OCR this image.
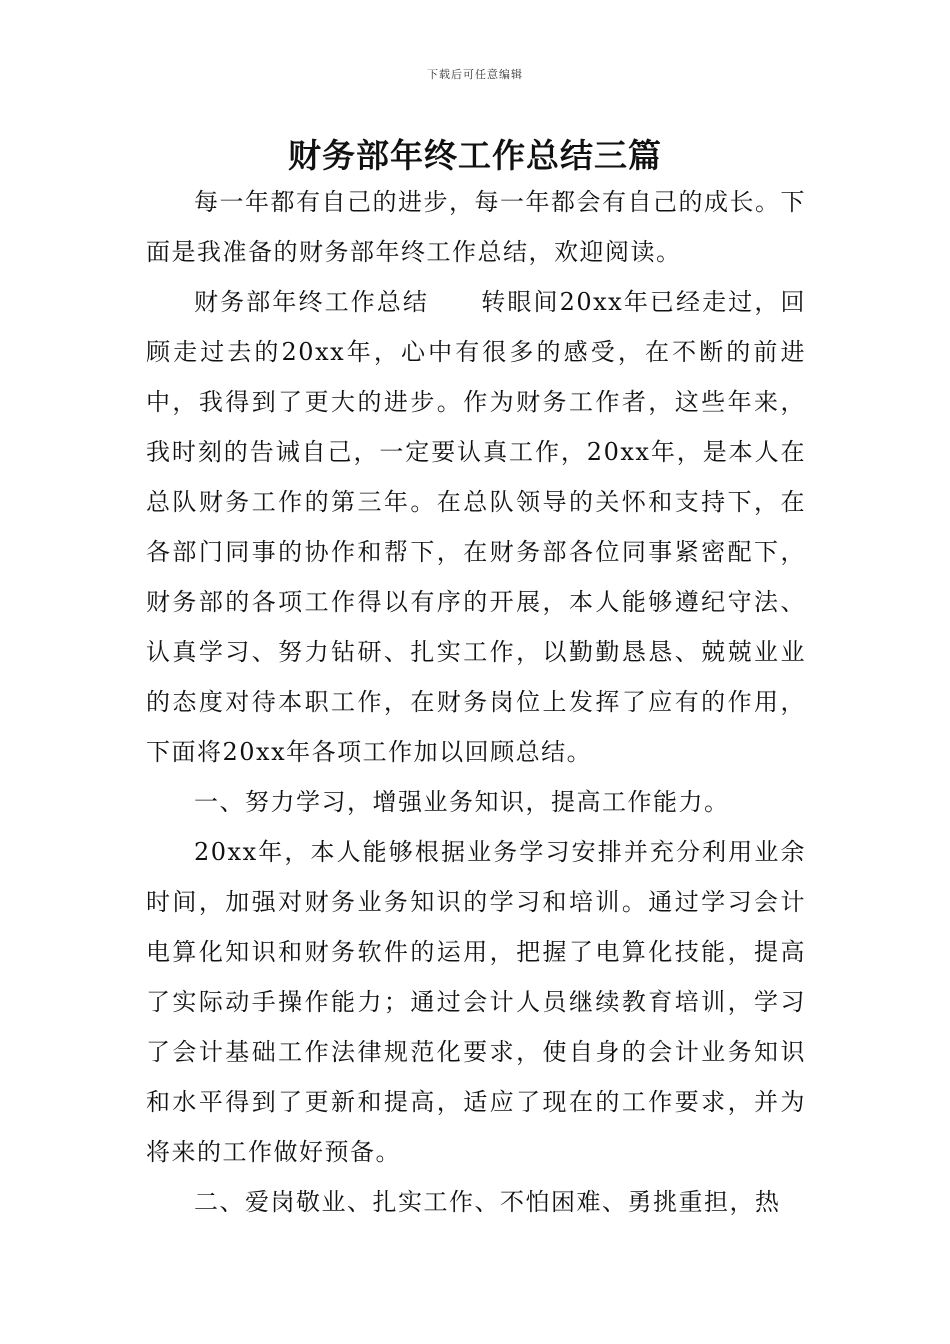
下载后可任意编辑
财务部年终工作总结三篇

每一年都有自己的进步，每一年都会有自己的成长。下面是我准备的财务部年终工作总结，欢迎阅读。

财务部年终工作总结　　转眼间20xx年已经走过，回顾走过去的20xx年，心中有很多的感受，在不断的前进中，我得到了更大的进步。作为财务工作者，这些年来，我时刻的告诫自己，一定要认真工作，20xx年，是本人在总队财务工作的第三年。在总队领导的关怀和支持下，在各部门同事的协作和帮下，在财务部各位同事紧密配下，财务部的各项工作得以有序的开展，本人能够遵纪守法、认真学习、努力钻研、扎实工作，以勤勤恳恳、兢兢业业的态度对待本职工作，在财务岗位上发挥了应有的作用，下面将20xx年各项工作加以回顾总结。

一、努力学习，增强业务知识，提高工作能力。

20xx年，本人能够根据业务学习安排并充分利用业余时间，加强对财务业务知识的学习和培训。通过学习会计电算化知识和财务软件的运用，把握了电算化技能，提高了实际动手操作能力；通过会计人员继续教育培训，学习了会计基础工作法律规范化要求，使自身的会计业务知识和水平得到了更新和提高，适应了现在的工作要求，并为将来的工作做好预备。

二、爱岗敬业、扎实工作、不怕困难、勇挑重担，热
